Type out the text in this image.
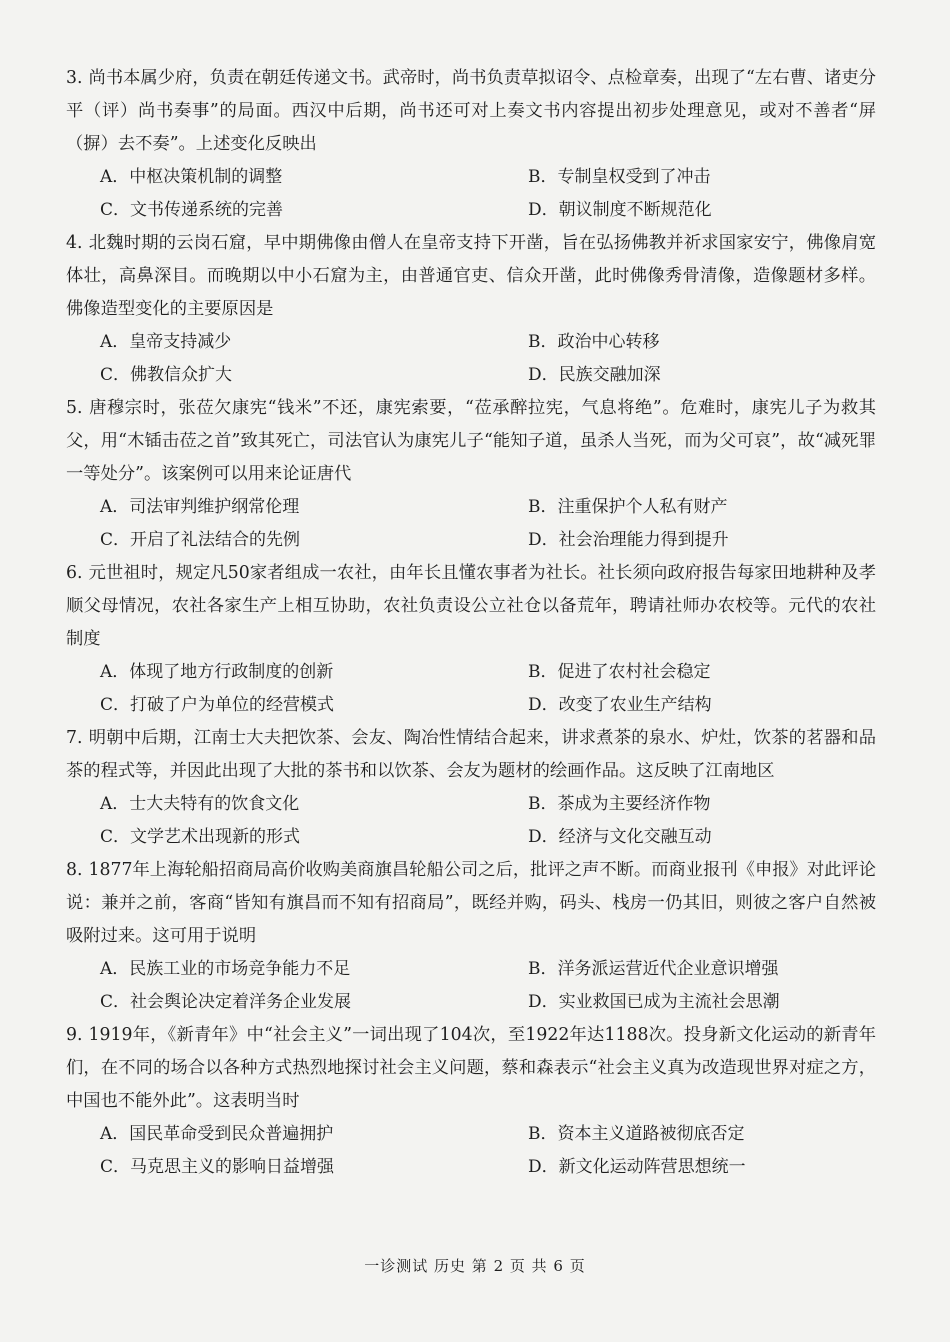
3. 尚书本属少府，负责在朝廷传递文书。武帝时，尚书负责草拟诏令、点检章奏，出现了“左右曹、诸吏分平（评）尚书奏事”的局面。西汉中后期，尚书还可对上奏文书内容提出初步处理意见，或对不善者“屏（摒）去不奏”。上述变化反映出
A．中枢决策机制的调整	B．专制皇权受到了冲击
C．文书传递系统的完善	D．朝议制度不断规范化
4. 北魏时期的云岗石窟，早中期佛像由僧人在皇帝支持下开凿，旨在弘扬佛教并祈求国家安宁，佛像肩宽体壮，高鼻深目。而晚期以中小石窟为主，由普通官吏、信众开凿，此时佛像秀骨清像，造像题材多样。佛像造型变化的主要原因是
A．皇帝支持减少	B．政治中心转移
C．佛教信众扩大	D．民族交融加深
5. 唐穆宗时，张莅欠康宪“钱米”不还，康宪索要，“莅承醉拉宪，气息将绝”。危难时，康宪儿子为救其父，用“木锸击莅之首”致其死亡，司法官认为康宪儿子“能知子道，虽杀人当死，而为父可哀”，故“减死罪一等处分”。该案例可以用来论证唐代
A．司法审判维护纲常伦理	B．注重保护个人私有财产
C．开启了礼法结合的先例	D．社会治理能力得到提升
6. 元世祖时，规定凡50家者组成一农社，由年长且懂农事者为社长。社长须向政府报告每家田地耕种及孝顺父母情况，农社各家生产上相互协助，农社负责设公立社仓以备荒年，聘请社师办农校等。元代的农社制度
A．体现了地方行政制度的创新	B．促进了农村社会稳定
C．打破了户为单位的经营模式	D．改变了农业生产结构
7. 明朝中后期，江南士大夫把饮茶、会友、陶冶性情结合起来，讲求煮茶的泉水、炉灶，饮茶的茗器和品茶的程式等，并因此出现了大批的茶书和以饮茶、会友为题材的绘画作品。这反映了江南地区
A．士大夫特有的饮食文化	B．茶成为主要经济作物
C．文学艺术出现新的形式	D．经济与文化交融互动
8. 1877年上海轮船招商局高价收购美商旗昌轮船公司之后，批评之声不断。而商业报刊《申报》对此评论说：兼并之前，客商“皆知有旗昌而不知有招商局”，既经并购，码头、栈房一仍其旧，则彼之客户自然被吸附过来。这可用于说明
A．民族工业的市场竞争能力不足	B．洋务派运营近代企业意识增强
C．社会舆论决定着洋务企业发展	D．实业救国已成为主流社会思潮
9. 1919年，《新青年》中“社会主义”一词出现了104次，至1922年达1188次。投身新文化运动的新青年们，在不同的场合以各种方式热烈地探讨社会主义问题，蔡和森表示“社会主义真为改造现世界对症之方，中国也不能外此”。这表明当时
A．国民革命受到民众普遍拥护	B．资本主义道路被彻底否定
C．马克思主义的影响日益增强	D．新文化运动阵营思想统一
一诊测试 历史 第 2 页 共 6 页
